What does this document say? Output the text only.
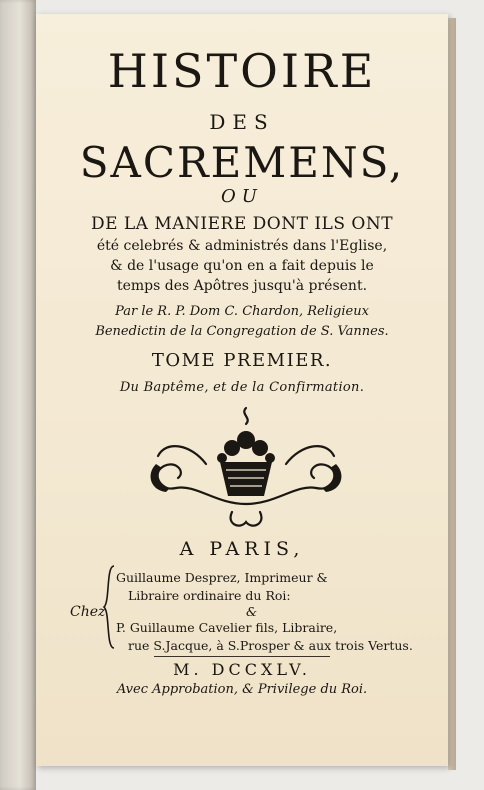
HISTOIRE
DES
SACREMENS,
OU
DE LA MANIERE DONT ILS ONT
été celebrés & administrés dans l'Eglise,
& de l'usage qu'on en a fait depuis le
temps des Apôtres jusqu'à présent.
Par le R. P. Dom C. Chardon, Religieux
Benedictin de la Congregation de S. Vannes.
TOME PREMIER.
Du Baptême, et de la Confirmation.
A PARIS,
Chez
Guillaume Desprez, Imprimeur &
Libraire ordinaire du Roi:
&
P. Guillaume Cavelier fils, Libraire,
rue S.Jacque, à S.Prosper & aux trois Vertus.
M. DCCXLV.
Avec Approbation, & Privilege du Roi.
